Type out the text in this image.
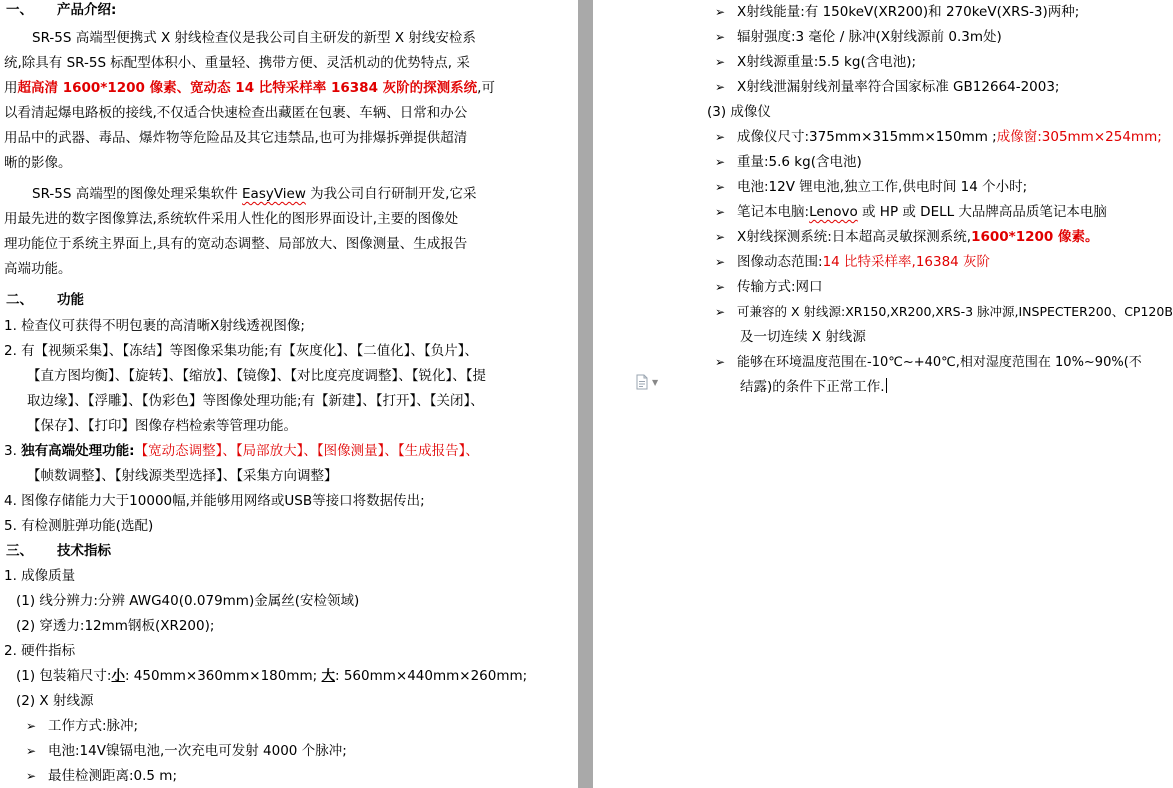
一、 产品介绍:
SR-5S 高端型便携式 X 射线检查仪是我公司自主研发的新型 X 射线安检系
统,除具有 SR-5S 标配型体积小、重量轻、携带方便、灵活机动的优势特点, 采
用超高清 1600*1200 像素、宽动态 14 比特采样率 16384 灰阶的探测系统,可
以看清起爆电路板的接线,不仅适合快速检查出藏匿在包裹、车辆、日常和办公
用品中的武器、毒品、爆炸物等危险品及其它违禁品,也可为排爆拆弹提供超清
晰的影像。
SR-5S 高端型的图像处理采集软件 EasyView 为我公司自行研制开发,它采
用最先进的数字图像算法,系统软件采用人性化的图形界面设计,主要的图像处
理功能位于系统主界面上,具有的宽动态调整、局部放大、图像测量、生成报告
高端功能。
二、 功能
1. 检查仪可获得不明包裹的高清晰X射线透视图像;
2. 有【视频采集】、【冻结】等图像采集功能;有【灰度化】、【二值化】、【负片】、
【直方图均衡】、【旋转】、【缩放】、【镜像】、【对比度亮度调整】、【锐化】、【提
取边缘】、【浮雕】、【伪彩色】等图像处理功能;有【新建】、【打开】、【关闭】、
【保存】、【打印】图像存档检索等管理功能。
3. 独有高端处理功能:【宽动态调整】、【局部放大】、【图像测量】、【生成报告】、
【帧数调整】、【射线源类型选择】、【采集方向调整】
4. 图像存储能力大于10000幅,并能够用网络或USB等接口将数据传出;
5. 有检测脏弹功能(选配)
三、 技术指标
1. 成像质量
(1) 线分辨力:分辨 AWG40(0.079mm)金属丝(安检领域)
(2) 穿透力:12mm钢板(XR200);
2. 硬件指标
(1) 包装箱尺寸:小: 450mm×360mm×180mm; 大: 560mm×440mm×260mm;
(2) X 射线源
➢ 工作方式:脉冲;
➢ 电池:14V镍镉电池,一次充电可发射 4000 个脉冲;
➢ 最佳检测距离:0.5 m;
➢ X射线能量:有 150keV(XR200)和 270keV(XRS-3)两种;
➢ 辐射强度:3 毫伦 / 脉冲(X射线源前 0.3m处)
➢ X射线源重量:5.5 kg(含电池);
➢ X射线泄漏射线剂量率符合国家标准 GB12664-2003;
(3) 成像仪
➢ 成像仪尺寸:375mm×315mm×150mm ;成像窗:305mm×254mm;
➢ 重量:5.6 kg(含电池)
➢ 电池:12V 锂电池,独立工作,供电时间 14 个小时;
➢ 笔记本电脑:Lenovo 或 HP 或 DELL 大品牌高品质笔记本电脑
➢ X射线探测系统:日本超高灵敏探测系统,1600*1200 像素。
➢ 图像动态范围:14 比特采样率,16384 灰阶
➢ 传输方式:网口
➢ 可兼容的 X 射线源:XR150,XR200,XRS-3 脉冲源,INSPECTER200、CP120B
及一切连续 X 射线源
➢ 能够在环境温度范围在-10℃~+40℃,相对湿度范围在 10%~90%(不
结露)的条件下正常工作.
▼
